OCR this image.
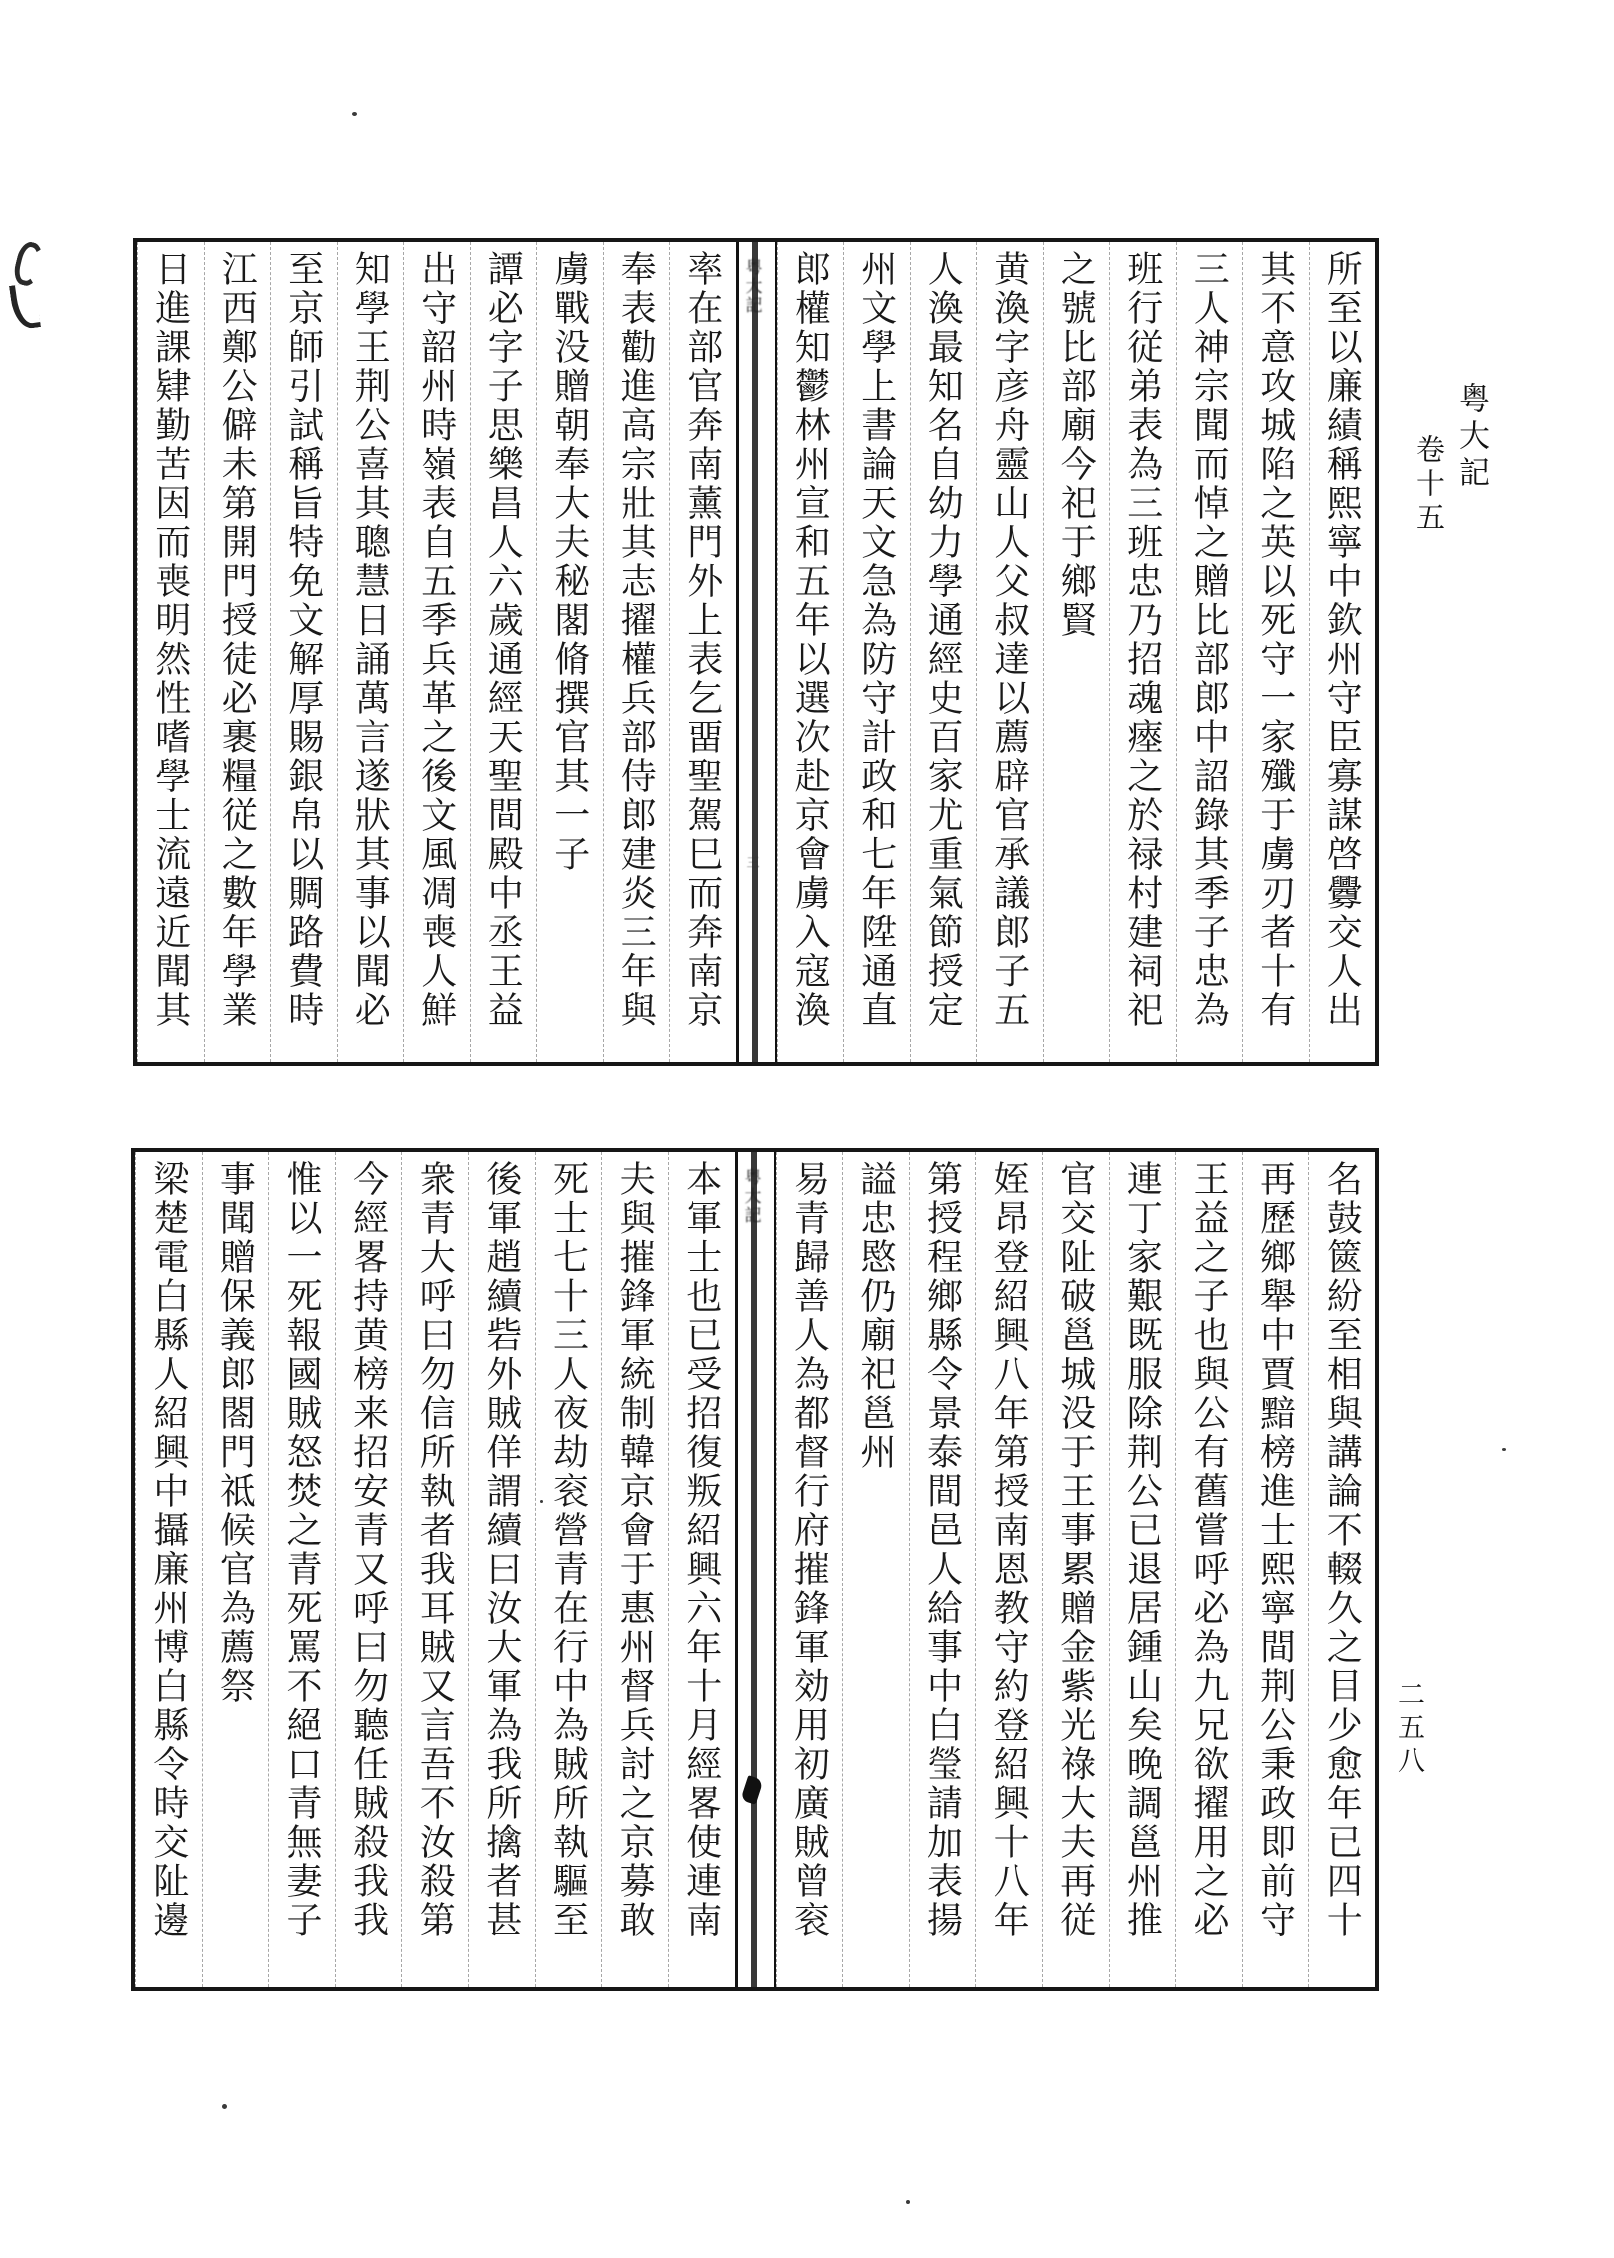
所至以廉績稱熙寧中欽州守臣寡謀啓釁交人出
其不意攻城陷之英以死守一家殲于虜刃者十有
三人神宗聞而悼之贈比部郎中詔錄其季子忠為
班行従弟表為三班忠乃招魂瘞之於禄村建祠祀
之號比部廟今祀于鄉賢
黄渙字彦舟靈山人父叔達以薦辟官承議郎子五
人渙最知名自幼力學通經史百家尤重氣節授定
州文學上書論天文急為防守計政和七年陞通直
郎權知鬱林州宣和五年以選次赴京會虜入寇渙
粤大記
三
率在部官奔南薰門外上表乞畱聖駕巳而奔南京
奉表勸進高宗壯其志擢權兵部侍郎建炎三年與
虜戰没贈朝奉大夫秘閣脩撰官其一子
譚必字子思樂昌人六歲通經天聖間殿中丞王益
出守韶州時嶺表自五季兵革之後文風凋喪人鮮
知學王荆公喜其聰慧日誦萬言遂狀其事以聞必
至京師引試稱旨特免文解厚賜銀帛以賙路費時
江西鄭公僻未第開門授徒必裹糧従之數年學業
日進課肄勤苦因而喪明然性嗜學士流遠近聞其
名鼓篋紛至相與講論不輟久之目少愈年已四十
再歷鄉舉中賈黯榜進士熙寧間荆公秉政即前守
王益之子也與公有舊嘗呼必為九兄欲擢用之必
連丁家艱既服除荆公已退居鍾山矣晚調邕州推
官交阯破邕城没于王事累贈金紫光祿大夫再従
姪昂登紹興八年第授南恩教守約登紹興十八年
第授程鄉縣令景泰間邑人給事中白瑩請加表揚
謚忠愍仍廟祀邕州
易青歸善人為都督行府摧鋒軍効用初廣賊曾衮
粤大記
本軍士也已受招復叛紹興六年十月經畧使連南
夫與摧鋒軍統制韓京會于惠州督兵討之京募敢
死士七十三人夜劫衮營青在行中為賊所執驅至
後軍趙續砦外賊佯謂續曰汝大軍為我所擒者甚
衆青大呼曰勿信所執者我耳賊又言吾不汝殺第
今經畧持黄榜来招安青又呼曰勿聽任賊殺我我
惟以一死報國賊怒焚之青死罵不絕口青無妻子
事聞贈保義郎閤門祗候官為薦祭
梁楚電白縣人紹興中攝廉州博白縣令時交阯邊
粤大記
卷十五
二五八
